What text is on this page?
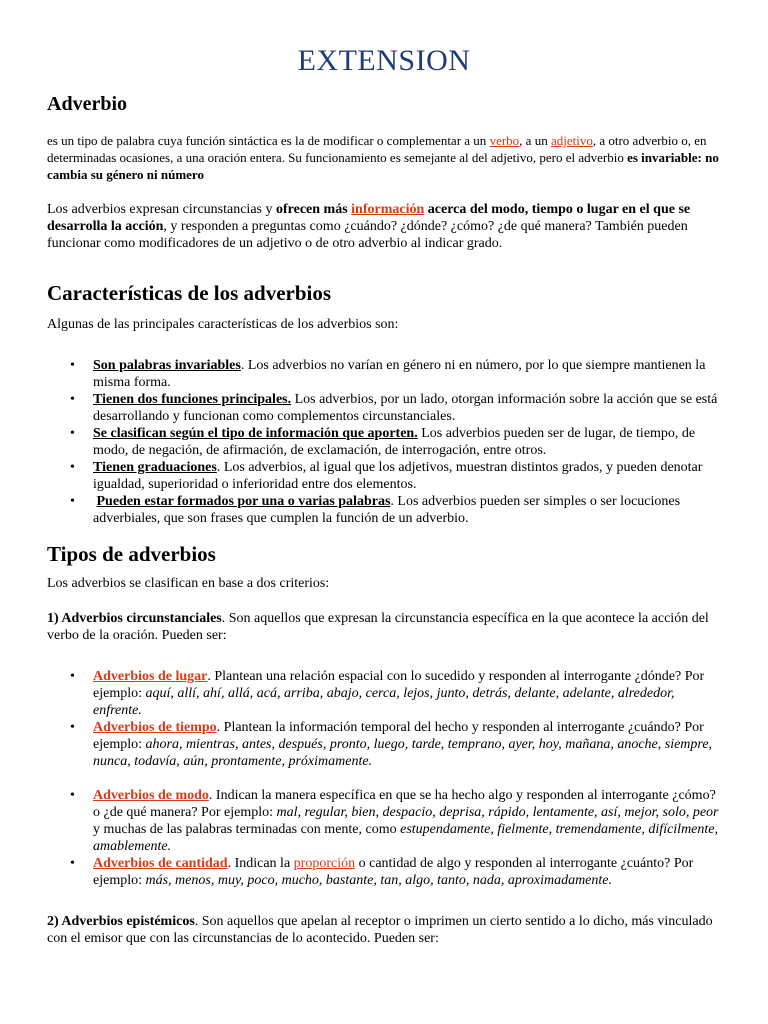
EXTENSION
Adverbio

es un tipo de palabra cuya función sintáctica es la de modificar o complementar a un verbo, a un adjetivo, a otro adverbio o, en determinadas ocasiones, a una oración entera. Su funcionamiento es semejante al del adjetivo, pero el adverbio es invariable: no cambia su género ni número

Los adverbios expresan circunstancias y ofrecen más información acerca del modo, tiempo o lugar en el que se desarrolla la acción, y responden a preguntas como ¿cuándo? ¿dónde? ¿cómo? ¿de qué manera? También pueden funcionar como modificadores de un adjetivo o de otro adverbio al indicar grado.

Características de los adverbios

Algunas de las principales características de los adverbios son:

• Son palabras invariables. Los adverbios no varían en género ni en número, por lo que siempre mantienen la misma forma.
• Tienen dos funciones principales. Los adverbios, por un lado, otorgan información sobre la acción que se está desarrollando y funcionan como complementos circunstanciales.
• Se clasifican según el tipo de información que aporten. Los adverbios pueden ser de lugar, de tiempo, de modo, de negación, de afirmación, de exclamación, de interrogación, entre otros.
• Tienen graduaciones. Los adverbios, al igual que los adjetivos, muestran distintos grados, y pueden denotar igualdad, superioridad o inferioridad entre dos elementos.
• Pueden estar formados por una o varias palabras. Los adverbios pueden ser simples o ser locuciones adverbiales, que son frases que cumplen la función de un adverbio.
Tipos de adverbios

Los adverbios se clasifican en base a dos criterios:

1) Adverbios circunstanciales. Son aquellos que expresan la circunstancia específica en la que acontece la acción del verbo de la oración. Pueden ser:

• Adverbios de lugar. Plantean una relación espacial con lo sucedido y responden al interrogante ¿dónde? Por ejemplo: aquí, allí, ahí, allá, acá, arriba, abajo, cerca, lejos, junto, detrás, delante, adelante, alrededor, enfrente.
• Adverbios de tiempo. Plantean la información temporal del hecho y responden al interrogante ¿cuándo? Por ejemplo: ahora, mientras, antes, después, pronto, luego, tarde, temprano, ayer, hoy, mañana, anoche, siempre, nunca, todavía, aún, prontamente, próximamente.
• Adverbios de modo. Indican la manera específica en que se ha hecho algo y responden al interrogante ¿cómo? o ¿de qué manera? Por ejemplo: mal, regular, bien, despacio, deprisa, rápido, lentamente, así, mejor, solo, peor y muchas de las palabras terminadas con mente, como estupendamente, fielmente, tremendamente, difícilmente, amablemente.
• Adverbios de cantidad. Indican la proporción o cantidad de algo y responden al interrogante ¿cuánto? Por ejemplo: más, menos, muy, poco, mucho, bastante, tan, algo, tanto, nada, aproximadamente.

2) Adverbios epistémicos. Son aquellos que apelan al receptor o imprimen un cierto sentido a lo dicho, más vinculado con el emisor que con las circunstancias de lo acontecido. Pueden ser:
